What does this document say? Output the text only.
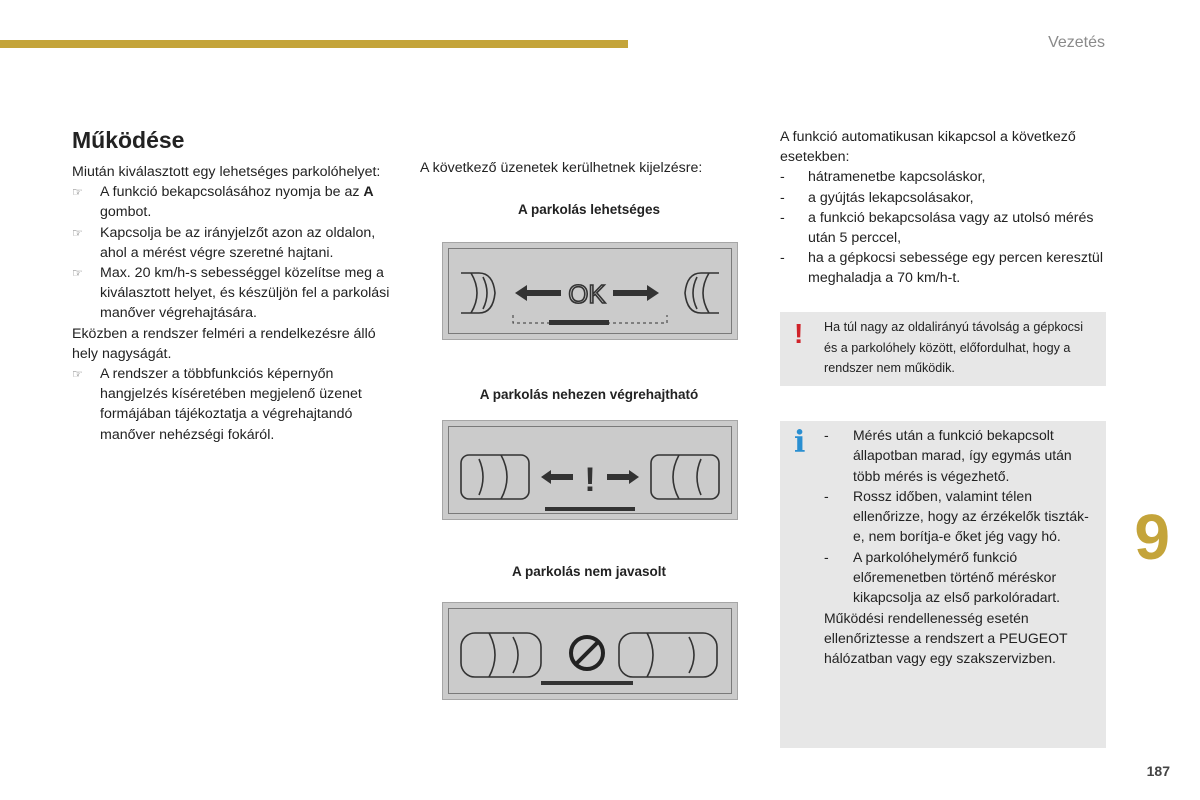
Vezetés
9
187
Működése

Miután kiválasztott egy lehetséges parkolóhelyet:

☞	A funkció bekapcsolásához nyomja be az A gombot.
☞	Kapcsolja be az irányjelzőt azon az oldalon, ahol a mérést végre szeretné hajtani.
☞	Max. 20 km/h-s sebességgel közelítse meg a kiválasztott helyet, és készüljön fel a parkolási manőver végrehajtására.

Eközben a rendszer felméri a rendelkezésre álló hely nagyságát.

☞	A rendszer a többfunkciós képernyőn hangjelzés kíséretében megjelenő üzenet formájában tájékoztatja a végrehajtandó manőver nehézségi fokáról.

A következő üzenetek kerülhetnek kijelzésre:

A parkolás lehetséges
OK
A parkolás nehezen végrehajtható
!
A parkolás nem javasolt

A funkció automatikusan kikapcsol a következő esetekben:

-	hátramenetbe kapcsoláskor,
-	a gyújtás lekapcsolásakor,
-	a funkció bekapcsolása vagy az utolsó mérés után 5 perccel,
-	ha a gépkocsi sebessége egy percen keresztül meghaladja a 70 km/h-t.
! Ha túl nagy az oldalirányú távolság a gépkocsi és a parkolóhely között, előfordulhat, hogy a rendszer nem működik.
i -	Mérés után a funkció bekapcsolt állapotban marad, így egymás után több mérés is végezhető.
-	Rossz időben, valamint télen ellenőrizze, hogy az érzékelők tiszták-e, nem borítja-e őket jég vagy hó.
-	A parkolóhelymérő funkció előremenetben történő méréskor kikapcsolja az első parkolóradart.

Működési rendellenesség esetén ellenőriztesse a rendszert a PEUGEOT hálózatban vagy egy szakszervizben.
